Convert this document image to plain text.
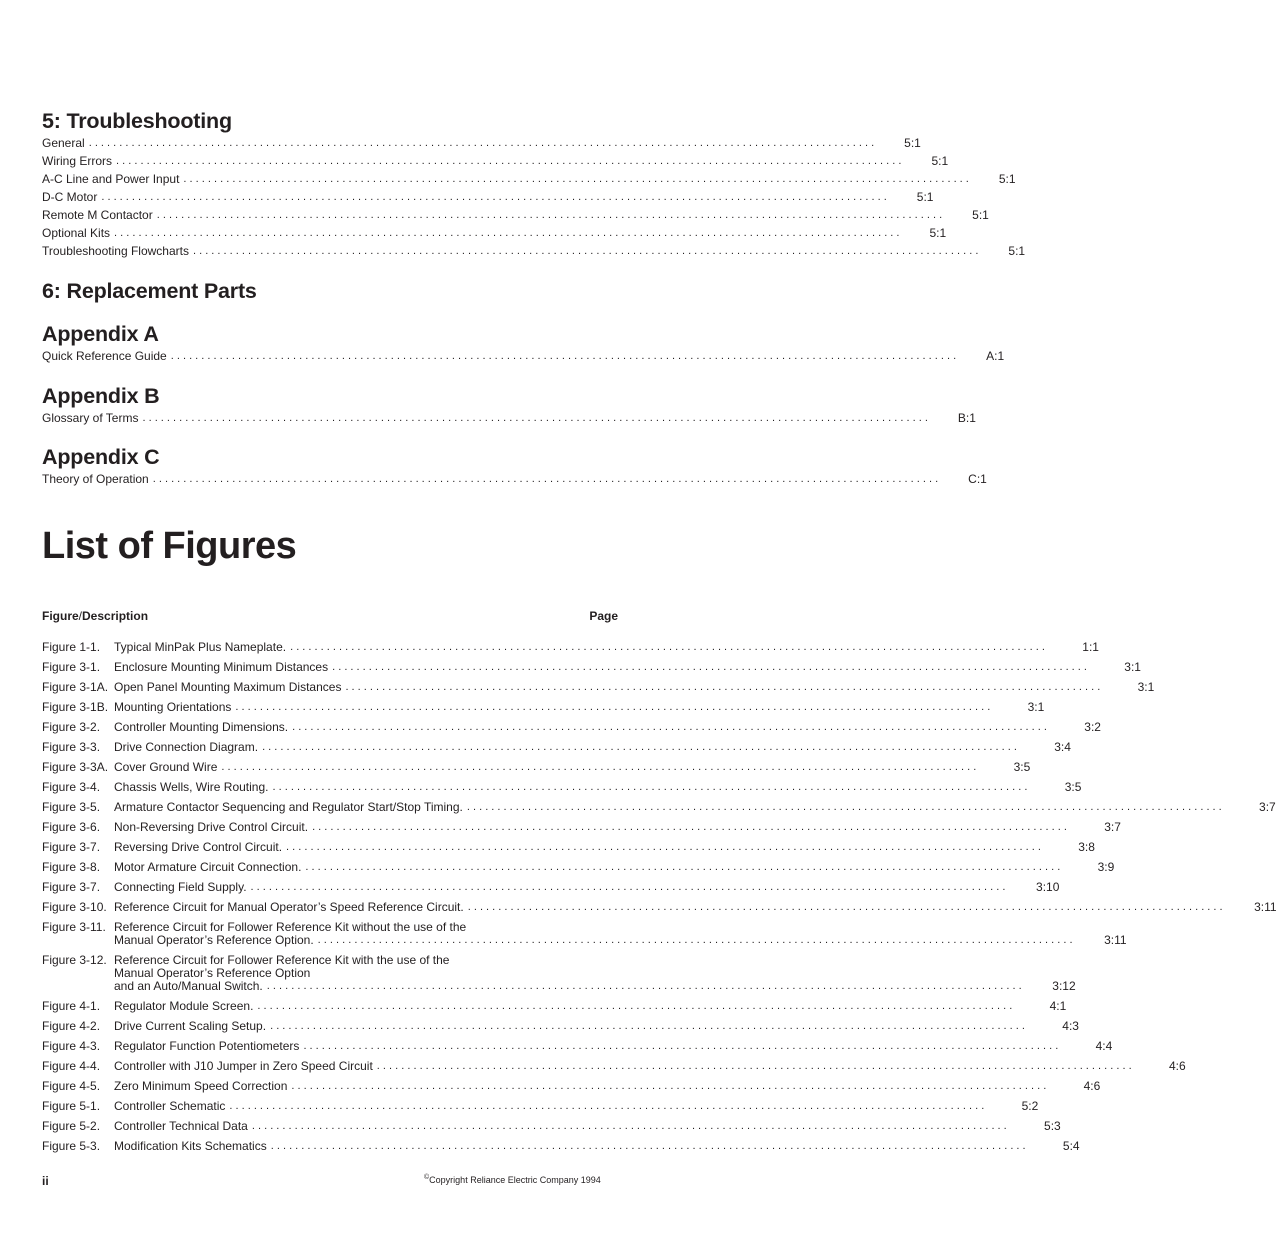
5: Troubleshooting
General . . .	5:1
Wiring Errors . . .	5:1
A-C Line and Power Input . . .	5:1
D-C Motor . . .	5:1
Remote M Contactor . . .	5:1
Optional Kits . . .	5:1
Troubleshooting Flowcharts . . .	5:1
6: Replacement Parts
Appendix A
Quick Reference Guide . . .	A:1
Appendix B
Glossary of Terms . . .	B:1
Appendix C
Theory of Operation . . .	C:1
List of Figures
Figure/Description	Page
Figure 1-1.	Typical MinPak Plus Nameplate. . . .	1:1
Figure 3-1.	Enclosure Mounting Minimum Distances . . .	3:1
Figure 3-1A. Open Panel Mounting Maximum Distances . . .	3:1
Figure 3-1B. Mounting Orientations . . .	3:1
Figure 3-2.	Controller Mounting Dimensions. . . .	3:2
Figure 3-3.	Drive Connection Diagram. . . .	3:4
Figure 3-3A. Cover Ground Wire . . .	3:5
Figure 3-4.	Chassis Wells, Wire Routing. . . .	3:5
Figure 3-5.	Armature Contactor Sequencing and Regulator Start/Stop Timing. . . .	3:7
Figure 3-6.	Non-Reversing Drive Control Circuit. . . .	3:7
Figure 3-7.	Reversing Drive Control Circuit. . . .	3:8
Figure 3-8.	Motor Armature Circuit Connection. . . .	3:9
Figure 3-7.	Connecting Field Supply. . . .	3:10
Figure 3-10. Reference Circuit for Manual Operator’s Speed Reference Circuit. . . .	3:11
Figure 3-11. Reference Circuit for Follower Reference Kit without the use of the
Manual Operator’s Reference Option. . . .	3:11
Figure 3-12. Reference Circuit for Follower Reference Kit with the use of the
Manual Operator’s Reference Option
and an Auto/Manual Switch. . . .	3:12
Figure 4-1.	Regulator Module Screen. . . .	4:1
Figure 4-2.	Drive Current Scaling Setup. . . .	4:3
Figure 4-3.	Regulator Function Potentiometers . . .	4:4
Figure 4-4.	Controller with J10 Jumper in Zero Speed Circuit . . .	4:6
Figure 4-5.	Zero Minimum Speed Correction . . .	4:6
Figure 5-1.	Controller Schematic . . .	5:2
Figure 5-2.	Controller Technical Data . . .	5:3
Figure 5-3.	Modification Kits Schematics . . .	5:4
ii	©Copyright Reliance Electric Company 1994
